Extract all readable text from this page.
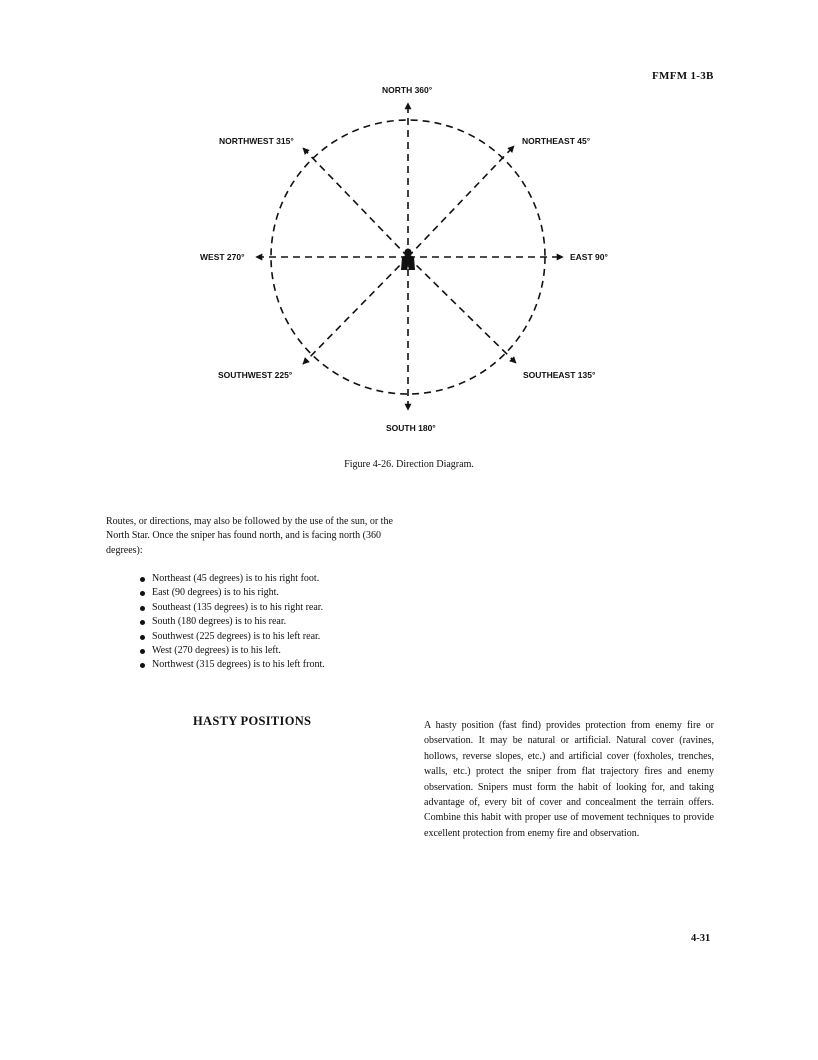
FMFM 1-3B
NORTH 360°
NORTHEAST 45°
EAST 90°
SOUTHEAST 135°
SOUTH 180°
SOUTHWEST 225°
WEST 270°
NORTHWEST 315°
Figure 4-26. Direction Diagram.

Routes, or directions, may also be followed by the use of the sun, or the North Star. Once the sniper has found north, and is facing north (360 degrees):

Northeast (45 degrees) is to his right foot.
East (90 degrees) is to his right.
Southeast (135 degrees) is to his right rear.
South (180 degrees) is to his rear.
Southwest (225 degrees) is to his left rear.
West (270 degrees) is to his left.
Northwest (315 degrees) is to his left front.
HASTY POSITIONS	A hasty position (fast find) provides protection from enemy fire or observation. It may be natural or artificial. Natural cover (ravines, hollows, reverse slopes, etc.) and artificial cover (foxholes, trenches, walls, etc.) protect the sniper from flat trajectory fires and enemy observation. Snipers must form the habit of looking for, and taking advantage of, every bit of cover and concealment the terrain offers. Combine this habit with proper use of movement techniques to provide excellent protection from enemy fire and observation.

4-31
